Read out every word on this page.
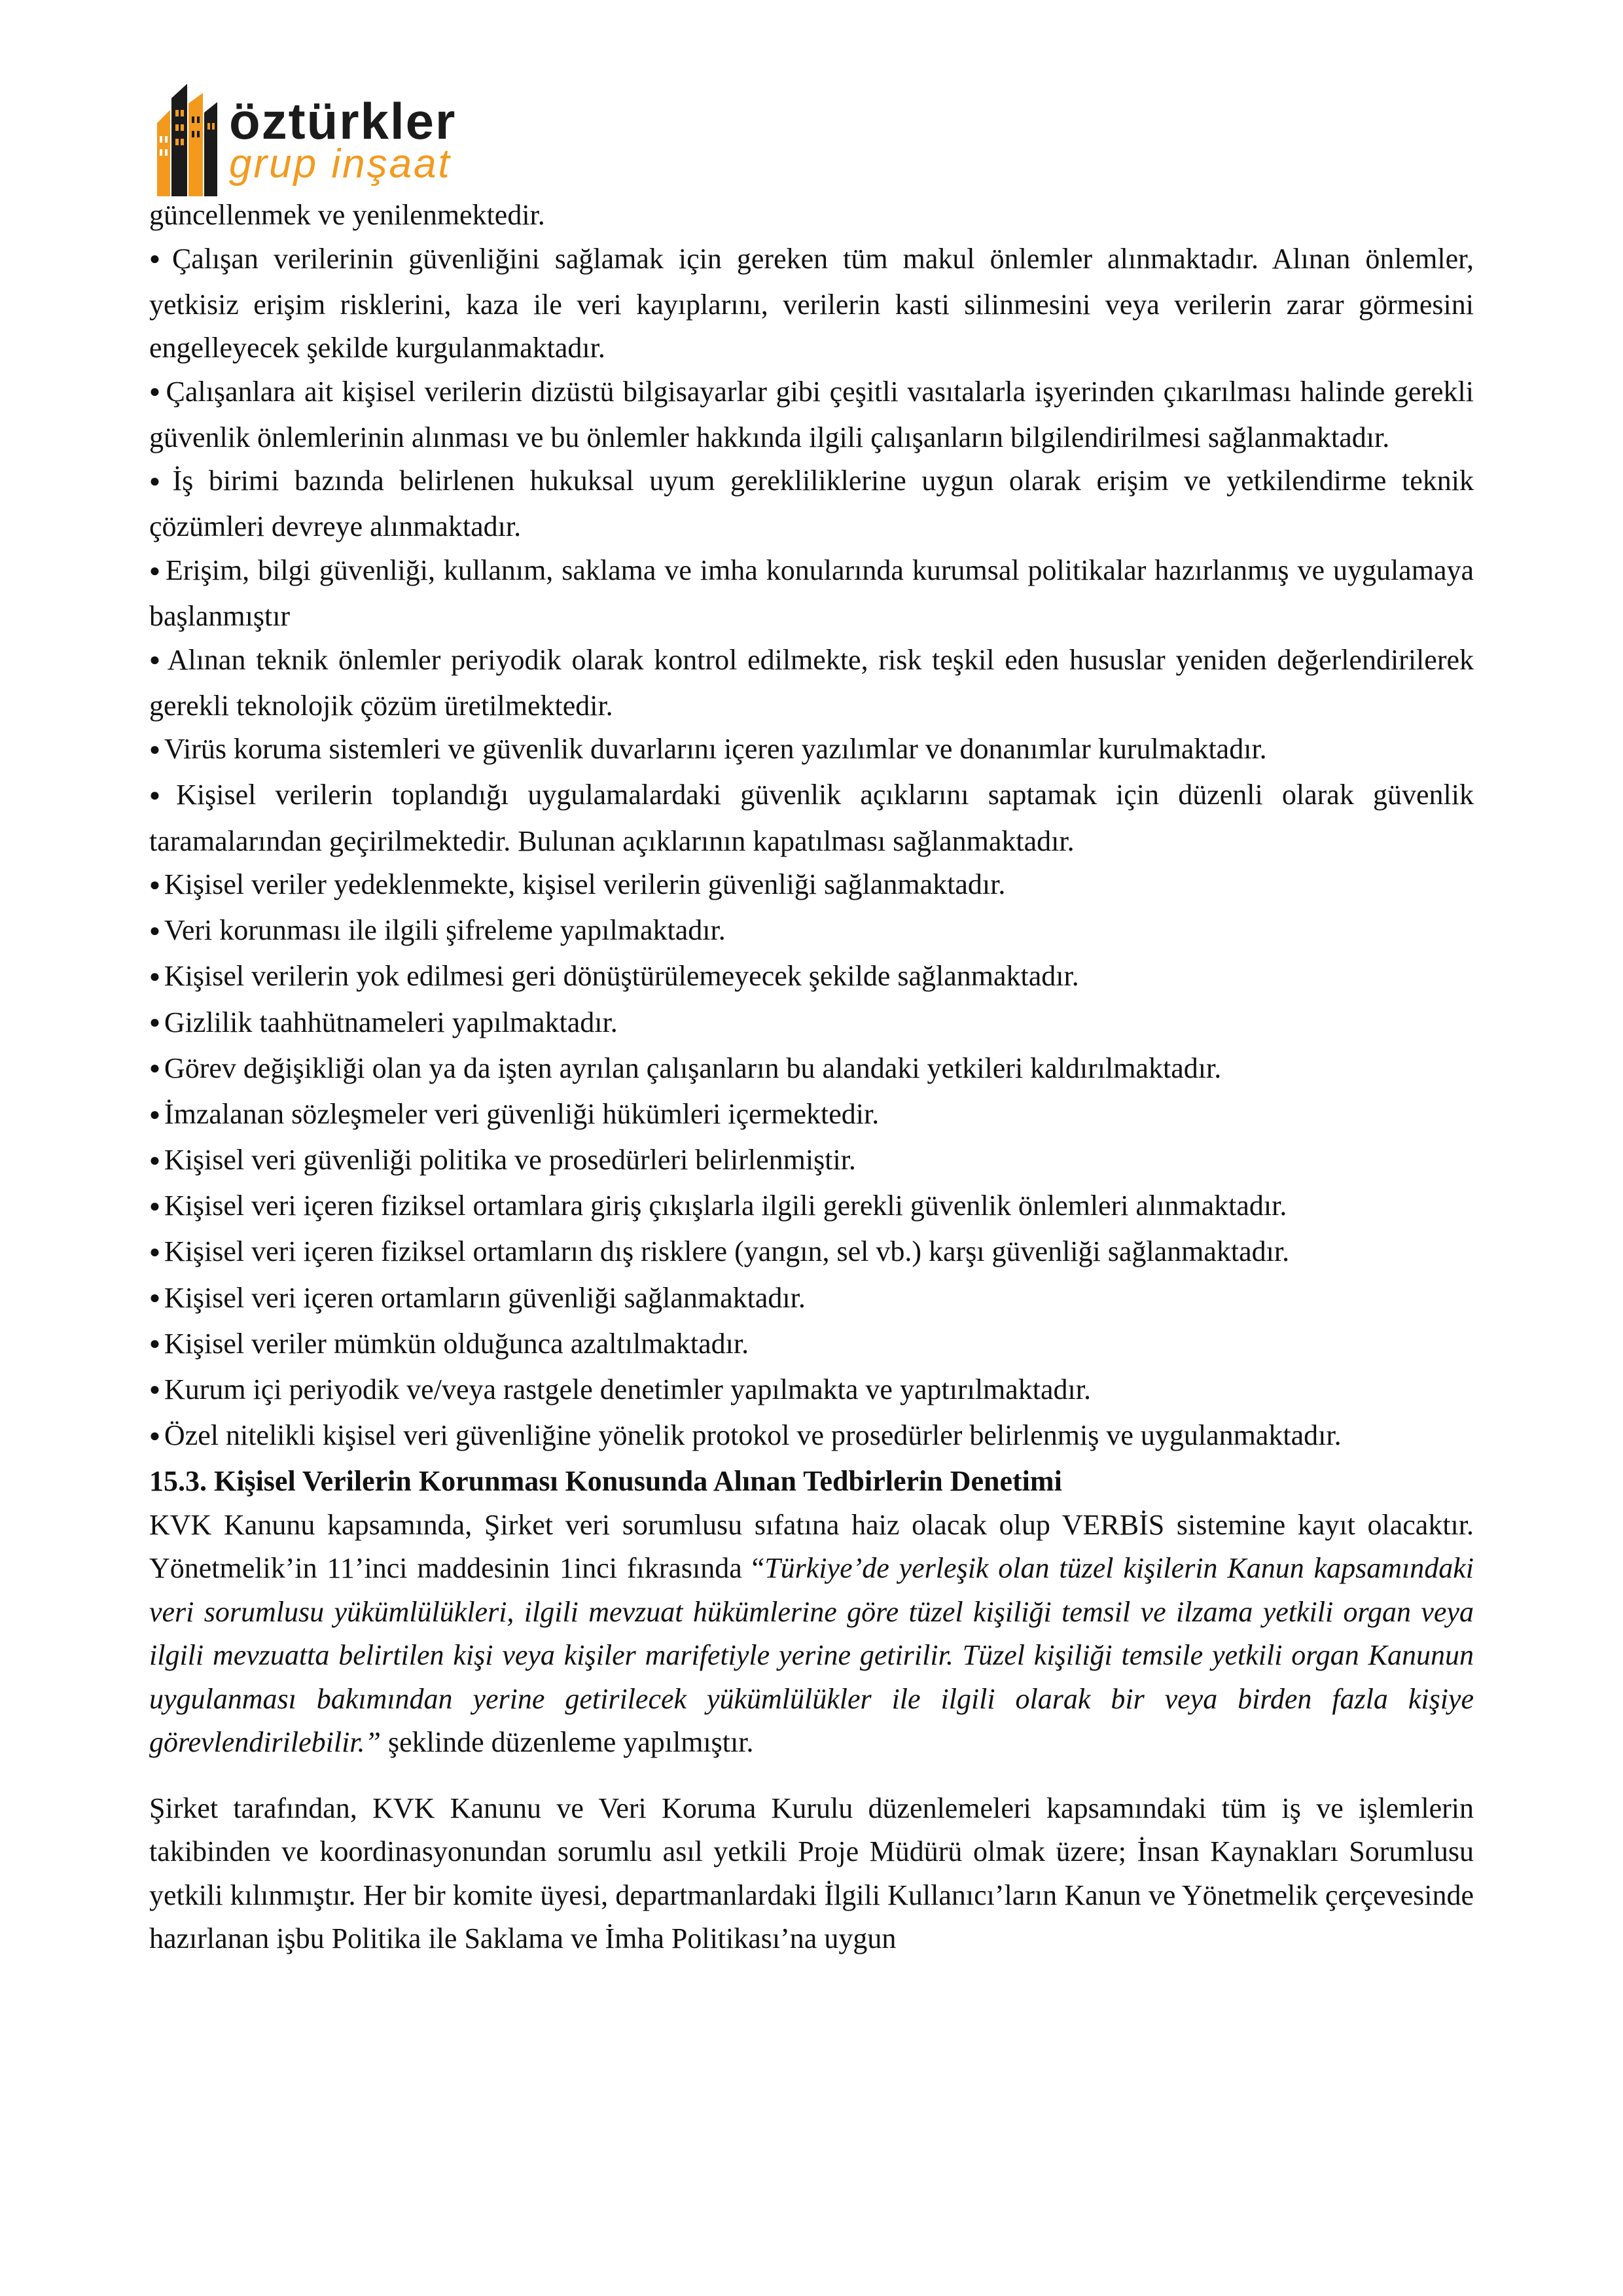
öztürkler
grup inşaat

güncellenmek ve yenilenmektedir.

● Çalışan verilerinin güvenliğini sağlamak için gereken tüm makul önlemler alınmaktadır. Alınan önlemler, yetkisiz erişim risklerini, kaza ile veri kayıplarını, verilerin kasti silinmesini veya verilerin zarar görmesini engelleyecek şekilde kurgulanmaktadır.

● Çalışanlara ait kişisel verilerin dizüstü bilgisayarlar gibi çeşitli vasıtalarla işyerinden çıkarılması halinde gerekli güvenlik önlemlerinin alınması ve bu önlemler hakkında ilgili çalışanların bilgilendirilmesi sağlanmaktadır.

● İş birimi bazında belirlenen hukuksal uyum gerekliliklerine uygun olarak erişim ve yetkilendirme teknik çözümleri devreye alınmaktadır.

● Erişim, bilgi güvenliği, kullanım, saklama ve imha konularında kurumsal politikalar hazırlanmış ve uygulamaya başlanmıştır

● Alınan teknik önlemler periyodik olarak kontrol edilmekte, risk teşkil eden hususlar yeniden değerlendirilerek gerekli teknolojik çözüm üretilmektedir.

● Virüs koruma sistemleri ve güvenlik duvarlarını içeren yazılımlar ve donanımlar kurulmaktadır.

● Kişisel verilerin toplandığı uygulamalardaki güvenlik açıklarını saptamak için düzenli olarak güvenlik taramalarından geçirilmektedir. Bulunan açıklarının kapatılması sağlanmaktadır.

● Kişisel veriler yedeklenmekte, kişisel verilerin güvenliği sağlanmaktadır.

● Veri korunması ile ilgili şifreleme yapılmaktadır.

● Kişisel verilerin yok edilmesi geri dönüştürülemeyecek şekilde sağlanmaktadır.

● Gizlilik taahhütnameleri yapılmaktadır.

● Görev değişikliği olan ya da işten ayrılan çalışanların bu alandaki yetkileri kaldırılmaktadır.

● İmzalanan sözleşmeler veri güvenliği hükümleri içermektedir.

● Kişisel veri güvenliği politika ve prosedürleri belirlenmiştir.

● Kişisel veri içeren fiziksel ortamlara giriş çıkışlarla ilgili gerekli güvenlik önlemleri alınmaktadır.

● Kişisel veri içeren fiziksel ortamların dış risklere (yangın, sel vb.) karşı güvenliği sağlanmaktadır.

● Kişisel veri içeren ortamların güvenliği sağlanmaktadır.

● Kişisel veriler mümkün olduğunca azaltılmaktadır.

● Kurum içi periyodik ve/veya rastgele denetimler yapılmakta ve yaptırılmaktadır.

● Özel nitelikli kişisel veri güvenliğine yönelik protokol ve prosedürler belirlenmiş ve uygulanmaktadır.

15.3. Kişisel Verilerin Korunması Konusunda Alınan Tedbirlerin Denetimi

KVK Kanunu kapsamında, Şirket veri sorumlusu sıfatına haiz olacak olup VERBİS sistemine kayıt olacaktır. Yönetmelik’in 11’inci maddesinin 1inci fıkrasında “Türkiye’de yerleşik olan tüzel kişilerin Kanun kapsamındaki veri sorumlusu yükümlülükleri, ilgili mevzuat hükümlerine göre tüzel kişiliği temsil ve ilzama yetkili organ veya ilgili mevzuatta belirtilen kişi veya kişiler marifetiyle yerine getirilir. Tüzel kişiliği temsile yetkili organ Kanunun uygulanması bakımından yerine getirilecek yükümlülükler ile ilgili olarak bir veya birden fazla kişiye görevlendirilebilir.” şeklinde düzenleme yapılmıştır.

Şirket tarafından, KVK Kanunu ve Veri Koruma Kurulu düzenlemeleri kapsamındaki tüm iş ve işlemlerin takibinden ve koordinasyonundan sorumlu asıl yetkili Proje Müdürü olmak üzere; İnsan Kaynakları Sorumlusu yetkili kılınmıştır. Her bir komite üyesi, departmanlardaki İlgili Kullanıcı’ların Kanun ve Yönetmelik çerçevesinde hazırlanan işbu Politika ile Saklama ve İmha Politikası’na uygun
